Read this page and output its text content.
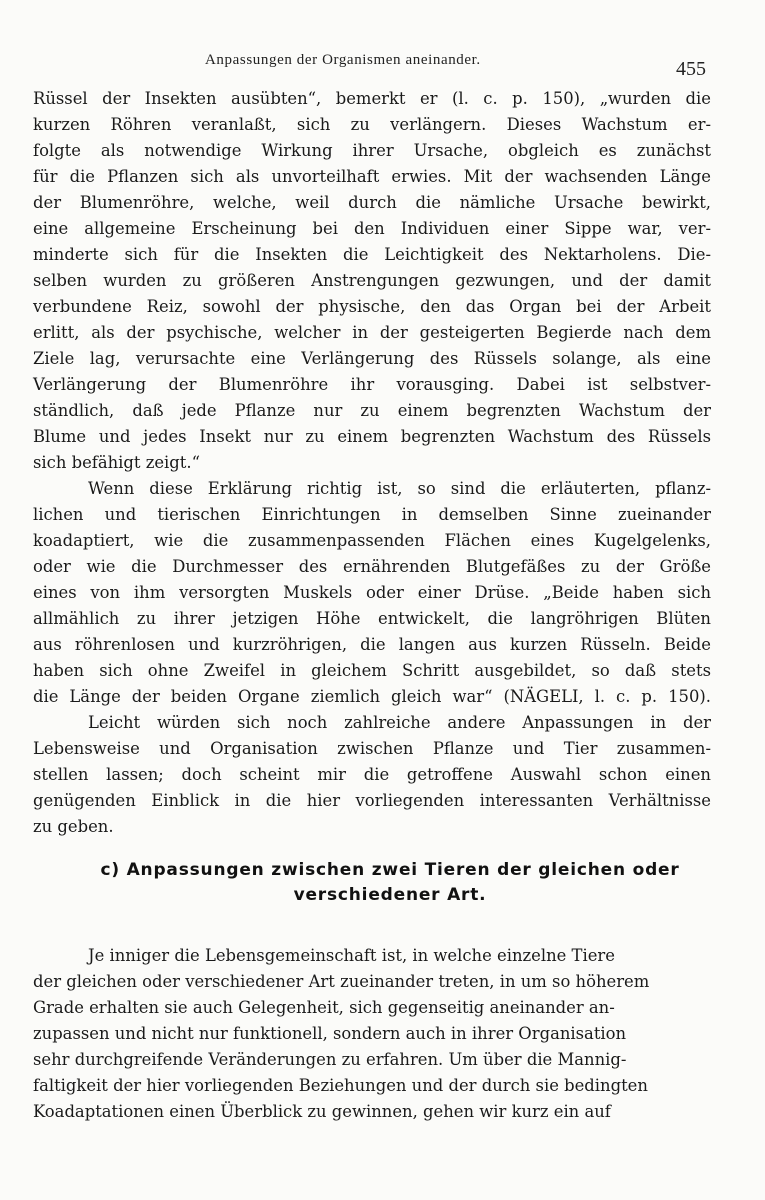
Anpassungen der Organismen aneinander.	455
Rüssel der Insekten ausübten“, bemerkt er (l. c. p. 150), „wurden die
kurzen Röhren veranlaßt, sich zu verlängern. Dieses Wachstum er-
folgte als notwendige Wirkung ihrer Ursache, obgleich es zunächst
für die Pflanzen sich als unvorteilhaft erwies. Mit der wachsenden Länge
der Blumenröhre, welche, weil durch die nämliche Ursache bewirkt,
eine allgemeine Erscheinung bei den Individuen einer Sippe war, ver-
minderte sich für die Insekten die Leichtigkeit des Nektarholens. Die-
selben wurden zu größeren Anstrengungen gezwungen, und der damit
verbundene Reiz, sowohl der physische, den das Organ bei der Arbeit
erlitt, als der psychische, welcher in der gesteigerten Begierde nach dem
Ziele lag, verursachte eine Verlängerung des Rüssels solange, als eine
Verlängerung der Blumenröhre ihr vorausging. Dabei ist selbstver-
ständlich, daß jede Pflanze nur zu einem begrenzten Wachstum der
Blume und jedes Insekt nur zu einem begrenzten Wachstum des Rüssels
sich befähigt zeigt.“
Wenn diese Erklärung richtig ist, so sind die erläuterten, pflanz-
lichen und tierischen Einrichtungen in demselben Sinne zueinander
koadaptiert, wie die zusammenpassenden Flächen eines Kugelgelenks,
oder wie die Durchmesser des ernährenden Blutgefäßes zu der Größe
eines von ihm versorgten Muskels oder einer Drüse. „Beide haben sich
allmählich zu ihrer jetzigen Höhe entwickelt, die langröhrigen Blüten
aus röhrenlosen und kurzröhrigen, die langen aus kurzen Rüsseln. Beide
haben sich ohne Zweifel in gleichem Schritt ausgebildet, so daß stets
die Länge der beiden Organe ziemlich gleich war“ (NÄGELI, l. c. p. 150).
Leicht würden sich noch zahlreiche andere Anpassungen in der
Lebensweise und Organisation zwischen Pflanze und Tier zusammen-
stellen lassen; doch scheint mir die getroffene Auswahl schon einen
genügenden Einblick in die hier vorliegenden interessanten Verhältnisse
zu geben.
c) Anpassungen zwischen zwei Tieren der gleichen oder
verschiedener Art.
Je inniger die Lebensgemeinschaft ist, in welche einzelne Tiere
der gleichen oder verschiedener Art zueinander treten, in um so höherem
Grade erhalten sie auch Gelegenheit, sich gegenseitig aneinander an-
zupassen und nicht nur funktionell, sondern auch in ihrer Organisation
sehr durchgreifende Veränderungen zu erfahren. Um über die Mannig-
faltigkeit der hier vorliegenden Beziehungen und der durch sie bedingten
Koadaptationen einen Überblick zu gewinnen, gehen wir kurz ein auf
